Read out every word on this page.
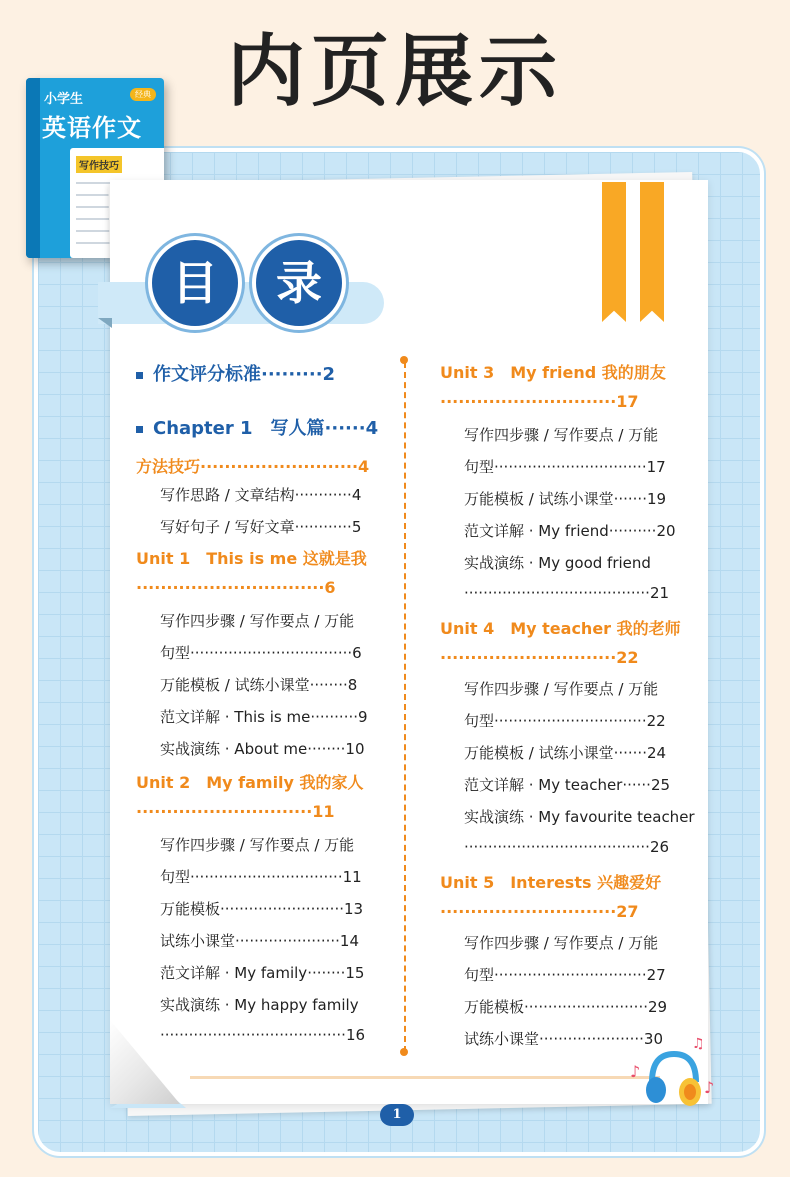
内页展示
小学生	经典
英语作文
写作技巧
目	录
作文评分标准·········2
Chapter 1　写人篇······4
方法技巧··························4
写作思路 / 文章结构············4
写好句子 / 写好文章············5
Unit 1　This is me 这就是我
·······························6
写作四步骤 / 写作要点 / 万能
句型··································6
万能模板 / 试练小课堂········8
范文详解 · This is me··········9
实战演练 · About me········10
Unit 2　My family 我的家人
·····························11
写作四步骤 / 写作要点 / 万能
句型································11
万能模板··························13
试练小课堂······················14
范文详解 · My family········15
实战演练 · My happy family
·······································16
Unit 3　My friend 我的朋友
·····························17
写作四步骤 / 写作要点 / 万能
句型································17
万能模板 / 试练小课堂·······19
范文详解 · My friend··········20
实战演练 · My good friend
·······································21
Unit 4　My teacher 我的老师
·····························22
写作四步骤 / 写作要点 / 万能
句型································22
万能模板 / 试练小课堂·······24
范文详解 · My teacher······25
实战演练 · My favourite teacher
·······································26
Unit 5　Interests 兴趣爱好
·····························27
写作四步骤 / 写作要点 / 万能
句型································27
万能模板··························29
试练小课堂······················30
1
♪
♫
♪
